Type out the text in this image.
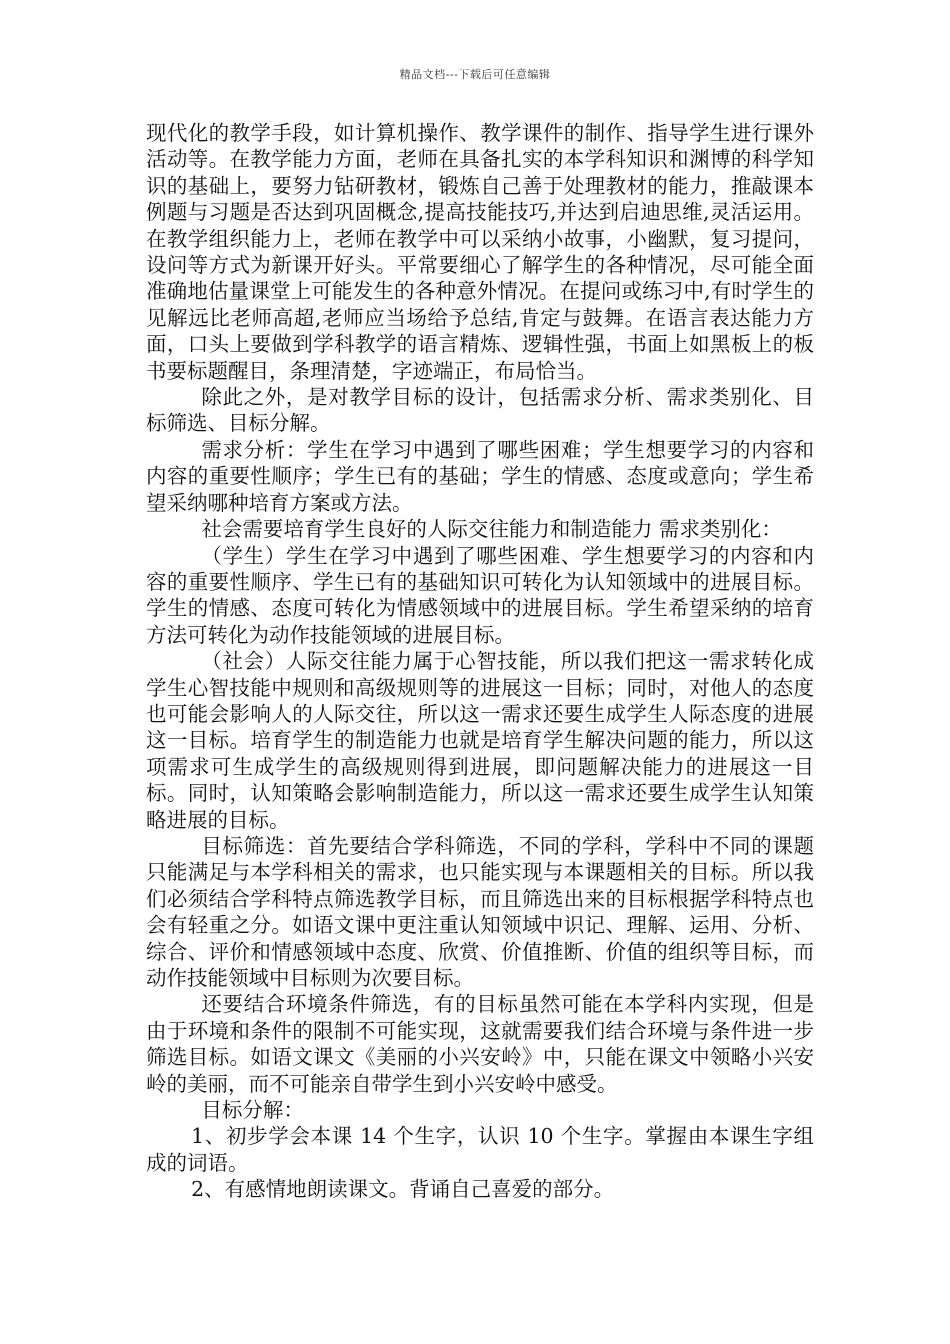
精品文档---下载后可任意编辑

现代化的教学手段，如计算机操作、教学课件的制作、指导学生进行课外活动等。在教学能力方面，老师在具备扎实的本学科知识和渊博的科学知识的基础上，要努力钻研教材，锻炼自己善于处理教材的能力，推敲课本例题与习题是否达到巩固概念,提高技能技巧,并达到启迪思维,灵活运用。在教学组织能力上，老师在教学中可以采纳小故事，小幽默，复习提问，设问等方式为新课开好头。平常要细心了解学生的各种情况，尽可能全面准确地估量课堂上可能发生的各种意外情况。在提问或练习中,有时学生的见解远比老师高超,老师应当场给予总结,肯定与鼓舞。在语言表达能力方面，口头上要做到学科教学的语言精炼、逻辑性强，书面上如黑板上的板书要标题醒目，条理清楚，字迹端正，布局恰当。

除此之外，是对教学目标的设计，包括需求分析、需求类别化、目标筛选、目标分解。

需求分析：学生在学习中遇到了哪些困难；学生想要学习的内容和内容的重要性顺序；学生已有的基础；学生的情感、态度或意向；学生希望采纳哪种培育方案或方法。

社会需要培育学生良好的人际交往能力和制造能力 需求类别化：

（学生）学生在学习中遇到了哪些困难、学生想要学习的内容和内容的重要性顺序、学生已有的基础知识可转化为认知领域中的进展目标。学生的情感、态度可转化为情感领域中的进展目标。学生希望采纳的培育方法可转化为动作技能领域的进展目标。

（社会）人际交往能力属于心智技能，所以我们把这一需求转化成学生心智技能中规则和高级规则等的进展这一目标；同时，对他人的态度也可能会影响人的人际交往，所以这一需求还要生成学生人际态度的进展这一目标。培育学生的制造能力也就是培育学生解决问题的能力，所以这项需求可生成学生的高级规则得到进展，即问题解决能力的进展这一目标。同时，认知策略会影响制造能力，所以这一需求还要生成学生认知策略进展的目标。

目标筛选：首先要结合学科筛选，不同的学科，学科中不同的课题只能满足与本学科相关的需求，也只能实现与本课题相关的目标。所以我们必须结合学科特点筛选教学目标，而且筛选出来的目标根据学科特点也会有轻重之分。如语文课中更注重认知领域中识记、理解、运用、分析、综合、评价和情感领域中态度、欣赏、价值推断、价值的组织等目标，而动作技能领域中目标则为次要目标。

还要结合环境条件筛选，有的目标虽然可能在本学科内实现，但是由于环境和条件的限制不可能实现，这就需要我们结合环境与条件进一步筛选目标。如语文课文《美丽的小兴安岭》中，只能在课文中领略小兴安岭的美丽，而不可能亲自带学生到小兴安岭中感受。

目标分解：

1、初步学会本课 14 个生字，认识 10 个生字。掌握由本课生字组成的词语。

2、有感情地朗读课文。背诵自己喜爱的部分。
